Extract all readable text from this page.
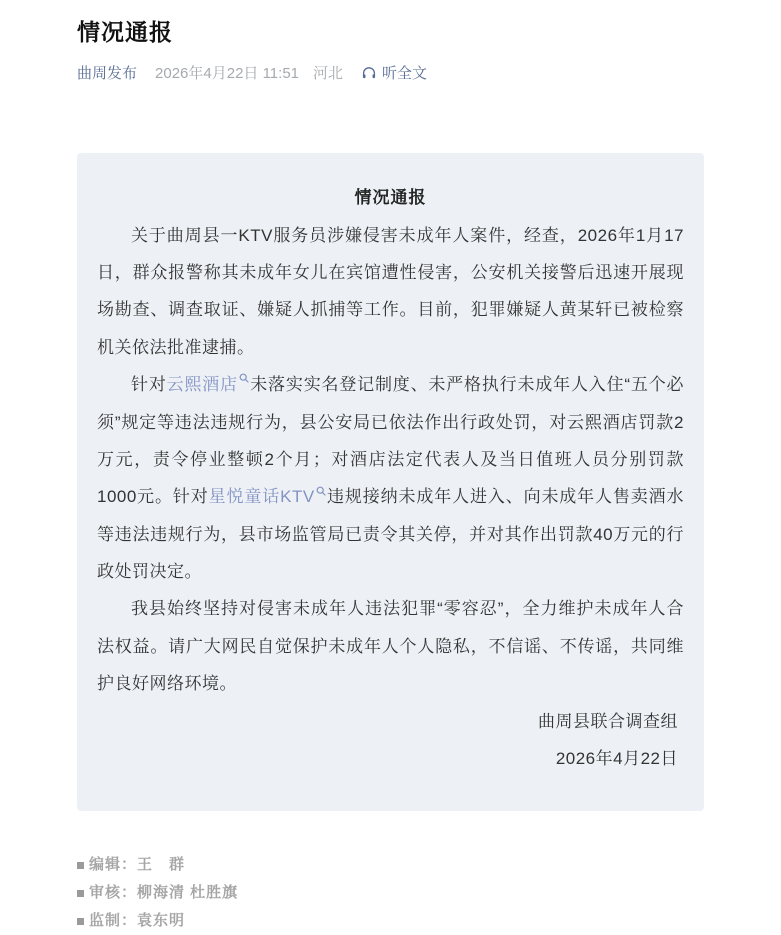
情况通报
曲周发布 2026年4月22日 11:51 河北	听全文
情况通报

关于曲周县一KTV服务员涉嫌侵害未成年人案件，经查，2026年1月17日，群众报警称其未成年女儿在宾馆遭性侵害，公安机关接警后迅速开展现场勘查、调查取证、嫌疑人抓捕等工作。目前，犯罪嫌疑人黄某轩已被检察机关依法批准逮捕。

针对云熙酒店 未落实实名登记制度、未严格执行未成年人入住“五个必须”规定等违法违规行为，县公安局已依法作出行政处罚，对云熙酒店罚款2万元，责令停业整顿2个月；对酒店法定代表人及当日值班人员分别罚款1000元。针对星悦童话KTV 违规接纳未成年人进入、向未成年人售卖酒水等违法违规行为，县市场监管局已责令其关停，并对其作出罚款40万元的行政处罚决定。

我县始终坚持对侵害未成年人违法犯罪“零容忍”，全力维护未成年人合法权益。请广大网民自觉保护未成年人个人隐私，不信谣、不传谣，共同维护良好网络环境。

曲周县联合调查组
2026年4月22日
编辑： 王　群
审核： 柳海清 杜胜旗
监制： 袁东明
